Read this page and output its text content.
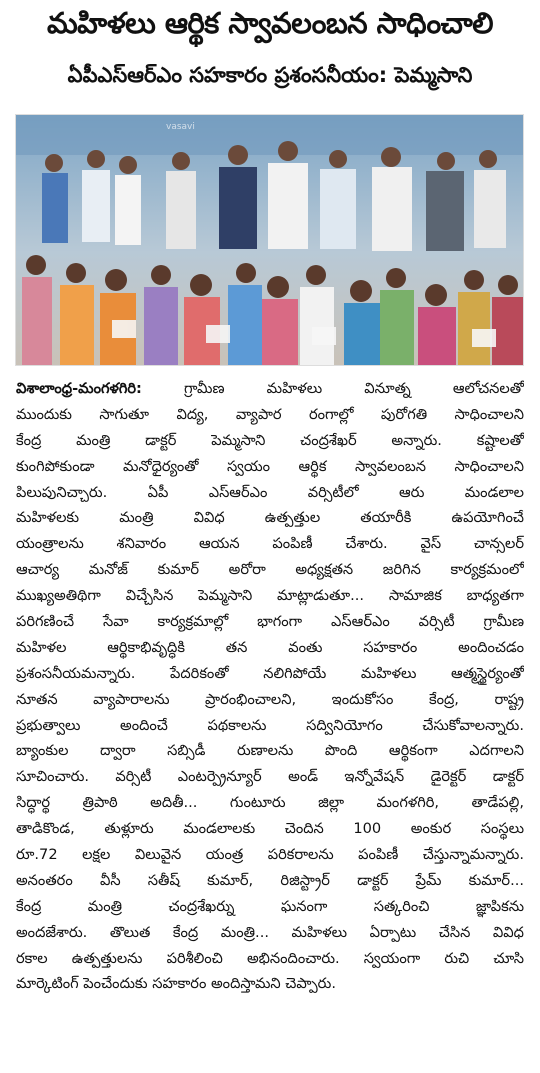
మహిళలు ఆర్థిక స్వావలంబన సాధించాలి
ఏపీఎస్ఆర్ఎం సహకారం ప్రశంసనీయం: పెమ్మసాని
vasavi
విశాలాంధ్ర-మంగళగిరి: గ్రామీణ మహిళలు వినూత్న ఆలోచనలతో
ముందుకు సాగుతూ విద్య, వ్యాపార రంగాల్లో పురోగతి సాధించాలని
కేంద్ర మంత్రి డాక్టర్ పెమ్మసాని చంద్రశేఖర్ అన్నారు. కష్టాలతో
కుంగిపోకుండా మనోధైర్యంతో స్వయం ఆర్థిక స్వావలంబన సాధించాలని
పిలుపునిచ్చారు. ఏపీ ఎస్ఆర్ఎం వర్సిటీలో ఆరు మండలాల
మహిళలకు మంత్రి వివిధ ఉత్పత్తుల తయారీకి ఉపయోగించే
యంత్రాలను శనివారం ఆయన పంపిణీ చేశారు. వైస్ చాన్సలర్
ఆచార్య మనోజ్ కుమార్ అరోరా అధ్యక్షతన జరిగిన కార్యక్రమంలో
ముఖ్యఅతిథిగా విచ్చేసిన పెమ్మసాని మాట్లాడుతూ... సామాజిక బాధ్యతగా
పరిగణించే సేవా కార్యక్రమాల్లో భాగంగా ఎస్ఆర్ఎం వర్సిటీ గ్రామీణ
మహిళల ఆర్థికాభివృద్ధికి తన వంతు సహకారం అందించడం
ప్రశంసనీయమన్నారు. పేదరికంతో నలిగిపోయే మహిళలు ఆత్మస్థైర్యంతో
నూతన వ్యాపారాలను ప్రారంభించాలని, ఇందుకోసం కేంద్ర, రాష్ట్ర
ప్రభుత్వాలు అందించే పథకాలను సద్వినియోగం చేసుకోవాలన్నారు.
బ్యాంకుల ద్వారా సబ్సిడీ రుణాలను పొంది ఆర్థికంగా ఎదగాలని
సూచించారు. వర్సిటీ ఎంటర్ప్రెన్యూర్ అండ్ ఇన్నోవేషన్ డైరెక్టర్ డాక్టర్
సిద్ధార్థ త్రిపాఠి అదితీ... గుంటూరు జిల్లా మంగళగిరి, తాడేపల్లి,
తాడికొండ, తుళ్లూరు మండలాలకు చెందిన 100 అంకుర సంస్థలు
రూ.72 లక్షల విలువైన యంత్ర పరికరాలను పంపిణీ చేస్తున్నామన్నారు.
అనంతరం వీసీ సతీష్ కుమార్, రిజిస్ట్రార్ డాక్టర్ ప్రేమ్ కుమార్...
కేంద్ర మంత్రి చంద్రశేఖర్ను ఘనంగా సత్కరించి జ్ఞాపికను
అందజేశారు. తొలుత కేంద్ర మంత్రి... మహిళలు ఏర్పాటు చేసిన వివిధ
రకాల ఉత్పత్తులను పరిశీలించి అభినందించారు. స్వయంగా రుచి చూసి
మార్కెటింగ్ పెంచేందుకు సహకారం అందిస్తామని చెప్పారు.
